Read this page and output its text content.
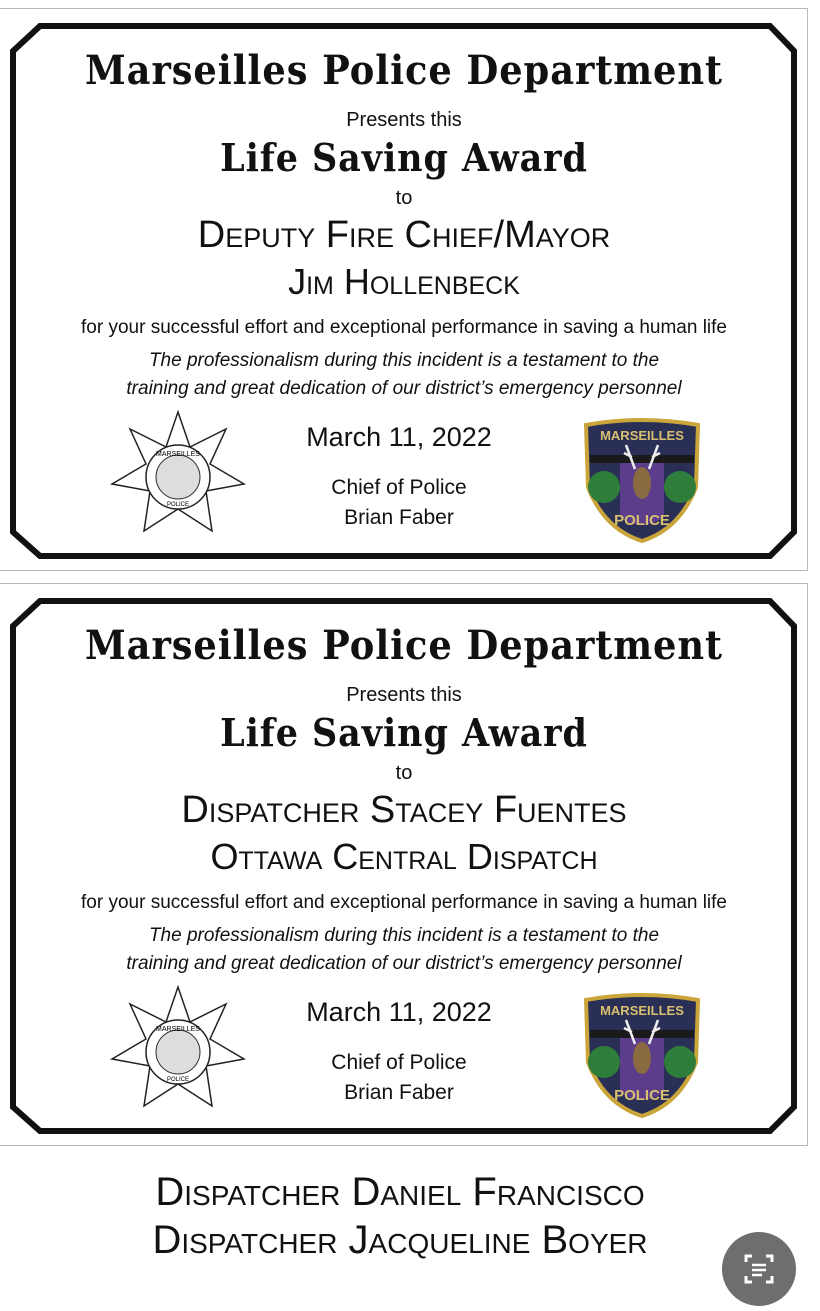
Marseilles Police Department
Presents this
Life Saving Award
to
Deputy Fire Chief/Mayor
Jim Hollenbeck
for your successful effort and exceptional performance in saving a human life
The professionalism during this incident is a testament to the
training and great dedication of our district’s emergency personnel
March 11, 2022
Chief of Police
Brian Faber
MARSEILLES
POLICE
MARSEILLES
POLICE
Marseilles Police Department
Presents this
Life Saving Award
to
Dispatcher Stacey Fuentes
Ottawa Central Dispatch
for your successful effort and exceptional performance in saving a human life
The professionalism during this incident is a testament to the
training and great dedication of our district’s emergency personnel
March 11, 2022
Chief of Police
Brian Faber
MARSEILLES
POLICE
MARSEILLES
POLICE
Dispatcher Daniel Francisco
Dispatcher Jacqueline Boyer
